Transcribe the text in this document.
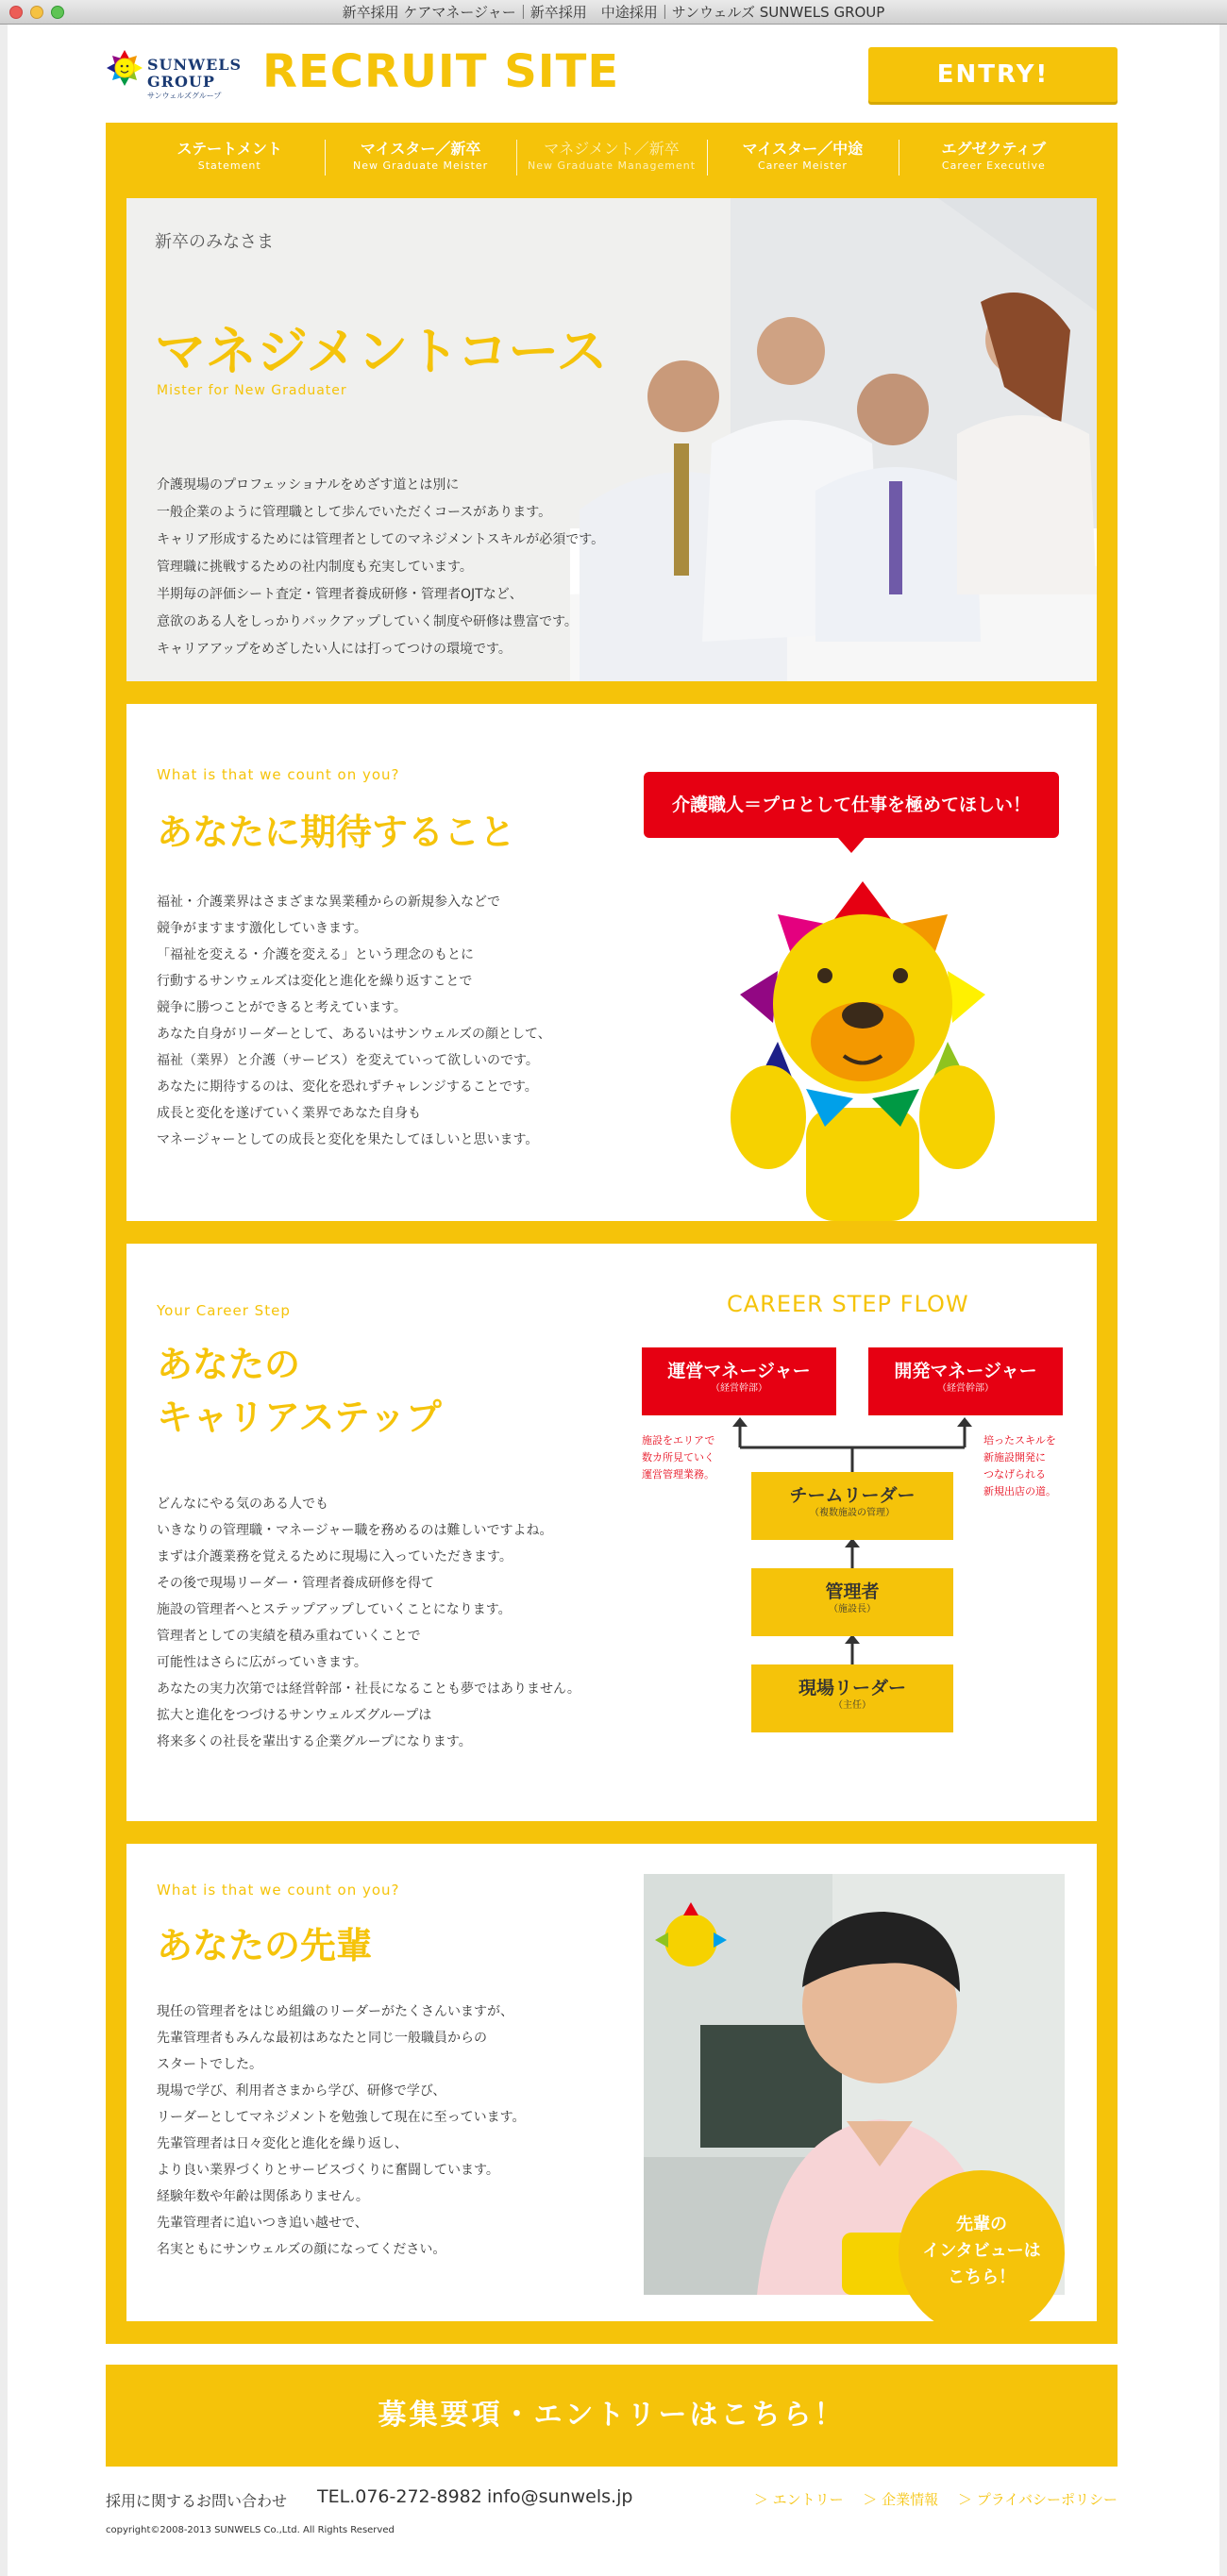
新卒採用 ケアマネージャー｜新卒採用　中途採用｜サンウェルズ SUNWELS GROUP
SUNWELS
GROUP
サンウェルズグループ RECRUIT SITE	ENTRY!
ステートメント
Statement
マイスター／新卒
New Graduate Meister
マネジメント／新卒
New Graduate Management
マイスター／中途
Career Meister
エグゼクティブ
Career Executive
新卒のみなさま
マネジメントコース
Mister for New Graduater
介護現場のプロフェッショナルをめざす道とは別に
一般企業のように管理職として歩んでいただくコースがあります。
キャリア形成するためには管理者としてのマネジメントスキルが必須です。
管理職に挑戦するための社内制度も充実しています。
半期毎の評価シート査定・管理者養成研修・管理者OJTなど、
意欲のある人をしっかりバックアップしていく制度や研修は豊富です。
キャリアアップをめざしたい人には打ってつけの環境です。
What is that we count on you?
あなたに期待すること
福祉・介護業界はさまざまな異業種からの新規参入などで
競争がますます激化していきます。
「福祉を変える・介護を変える」という理念のもとに
行動するサンウェルズは変化と進化を繰り返すことで
競争に勝つことができると考えています。
あなた自身がリーダーとして、あるいはサンウェルズの顔として、
福祉（業界）と介護（サービス）を変えていって欲しいのです。
あなたに期待するのは、変化を恐れずチャレンジすることです。
成長と変化を遂げていく業界であなた自身も
マネージャーとしての成長と変化を果たしてほしいと思います。
介護職人＝プロとして仕事を極めてほしい！
Your Career Step
あなたの
キャリアステップ
どんなにやる気のある人でも
いきなりの管理職・マネージャー職を務めるのは難しいですよね。
まずは介護業務を覚えるために現場に入っていただきます。
その後で現場リーダー・管理者養成研修を得て
施設の管理者へとステップアップしていくことになります。
管理者としての実績を積み重ねていくことで
可能性はさらに広がっていきます。
あなたの実力次第では経営幹部・社長になることも夢ではありません。
拡大と進化をつづけるサンウェルズグループは
将来多くの社長を輩出する企業グループになります。
CAREER STEP FLOW
運営マネージャー
（経営幹部）
開発マネージャー
（経営幹部）
施設をエリアで
数カ所見ていく
運営管理業務。
培ったスキルを
新施設開発に
つなげられる
新規出店の道。
チームリーダー
（複数施設の管理）
管理者
（施設長）
現場リーダー
（主任）
What is that we count on you?
あなたの先輩
現任の管理者をはじめ組織のリーダーがたくさんいますが、
先輩管理者もみんな最初はあなたと同じ一般職員からの
スタートでした。
現場で学び、利用者さまから学び、研修で学び、
リーダーとしてマネジメントを勉強して現在に至っています。
先輩管理者は日々変化と進化を繰り返し、
より良い業界づくりとサービスづくりに奮闘しています。
経験年数や年齢は関係ありません。
先輩管理者に追いつき追い越せで、
名実ともにサンウェルズの顔になってください。
先輩の
インタビューは
こちら！
募集要項・エントリーはこちら！
採用に関するお問い合わせ TEL.076-272-8982 info@sunwels.jp	＞ エントリー ＞ 企業情報 ＞ プライバシーポリシー
copyright©2008-2013 SUNWELS Co.,Ltd. All Rights Reserved
